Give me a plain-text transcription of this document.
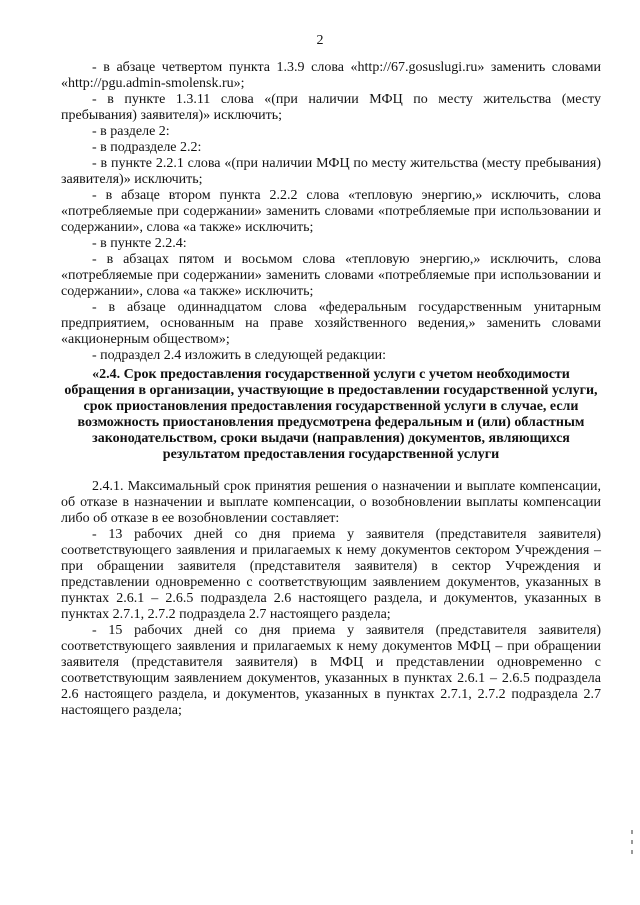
2

- в абзаце четвертом пункта 1.3.9 слова «http://67.gosuslugi.ru» заменить словами «http://pgu.admin-smolensk.ru»;

- в пункте 1.3.11 слова «(при наличии МФЦ по месту жительства (месту пребывания) заявителя)» исключить;

- в разделе 2:

- в подразделе 2.2:

- в пункте 2.2.1 слова «(при наличии МФЦ по месту жительства (месту пребывания) заявителя)» исключить;

- в абзаце втором пункта 2.2.2 слова «тепловую энергию,» исключить, слова «потребляемые при содержании» заменить словами «потребляемые при использовании и содержании», слова «а также» исключить;

- в пункте 2.2.4:

- в абзацах пятом и восьмом слова «тепловую энергию,» исключить, слова «потребляемые при содержании» заменить словами «потребляемые при использовании и содержании», слова «а также» исключить;

- в абзаце одиннадцатом слова «федеральным государственным унитарным предприятием, основанным на праве хозяйственного ведения,» заменить словами «акционерным обществом»;

- подраздел 2.4 изложить в следующей редакции:

«2.4. Срок предоставления государственной услуги с учетом необходимости обращения в организации, участвующие в предоставлении государственной услуги, срок приостановления предоставления государственной услуги в случае, если возможность приостановления предусмотрена федеральным и (или) областным законодательством, сроки выдачи (направления) документов, являющихся результатом предоставления государственной услуги

2.4.1. Максимальный срок принятия решения о назначении и выплате компенсации, об отказе в назначении и выплате компенсации, о возобновлении выплаты компенсации либо об отказе в ее возобновлении составляет:

- 13 рабочих дней со дня приема у заявителя (представителя заявителя) соответствующего заявления и прилагаемых к нему документов сектором Учреждения – при обращении заявителя (представителя заявителя) в сектор Учреждения и представлении одновременно с соответствующим заявлением документов, указанных в пунктах 2.6.1 – 2.6.5 подраздела 2.6 настоящего раздела, и документов, указанных в пунктах 2.7.1, 2.7.2 подраздела 2.7 настоящего раздела;

- 15 рабочих дней со дня приема у заявителя (представителя заявителя) соответствующего заявления и прилагаемых к нему документов МФЦ – при обращении заявителя (представителя заявителя) в МФЦ и представлении одновременно с соответствующим заявлением документов, указанных в пунктах 2.6.1 – 2.6.5 подраздела 2.6 настоящего раздела, и документов, указанных в пунктах 2.7.1, 2.7.2 подраздела 2.7 настоящего раздела;
